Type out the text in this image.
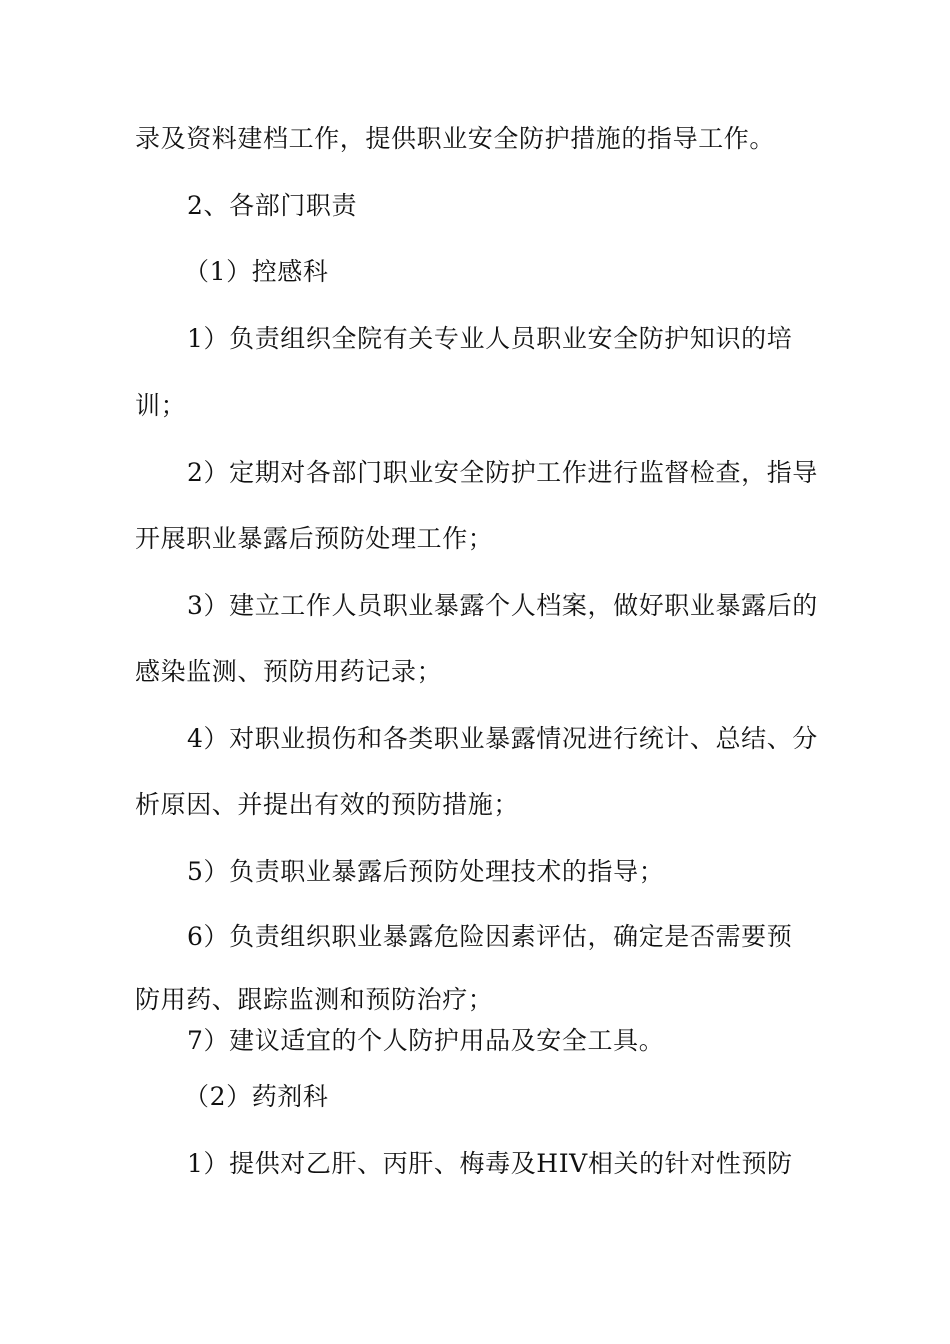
录及资料建档工作，提供职业安全防护措施的指导工作。
2、各部门职责
（1）控感科
1）负责组织全院有关专业人员职业安全防护知识的培
训；
2）定期对各部门职业安全防护工作进行监督检查，指导
开展职业暴露后预防处理工作；
3）建立工作人员职业暴露个人档案，做好职业暴露后的
感染监测、预防用药记录；
4）对职业损伤和各类职业暴露情况进行统计、总结、分
析原因、并提出有效的预防措施；
5）负责职业暴露后预防处理技术的指导；
6）负责组织职业暴露危险因素评估，确定是否需要预
防用药、跟踪监测和预防治疗；
7）建议适宜的个人防护用品及安全工具。
（2）药剂科
1）提供对乙肝、丙肝、梅毒及HIV相关的针对性预防
